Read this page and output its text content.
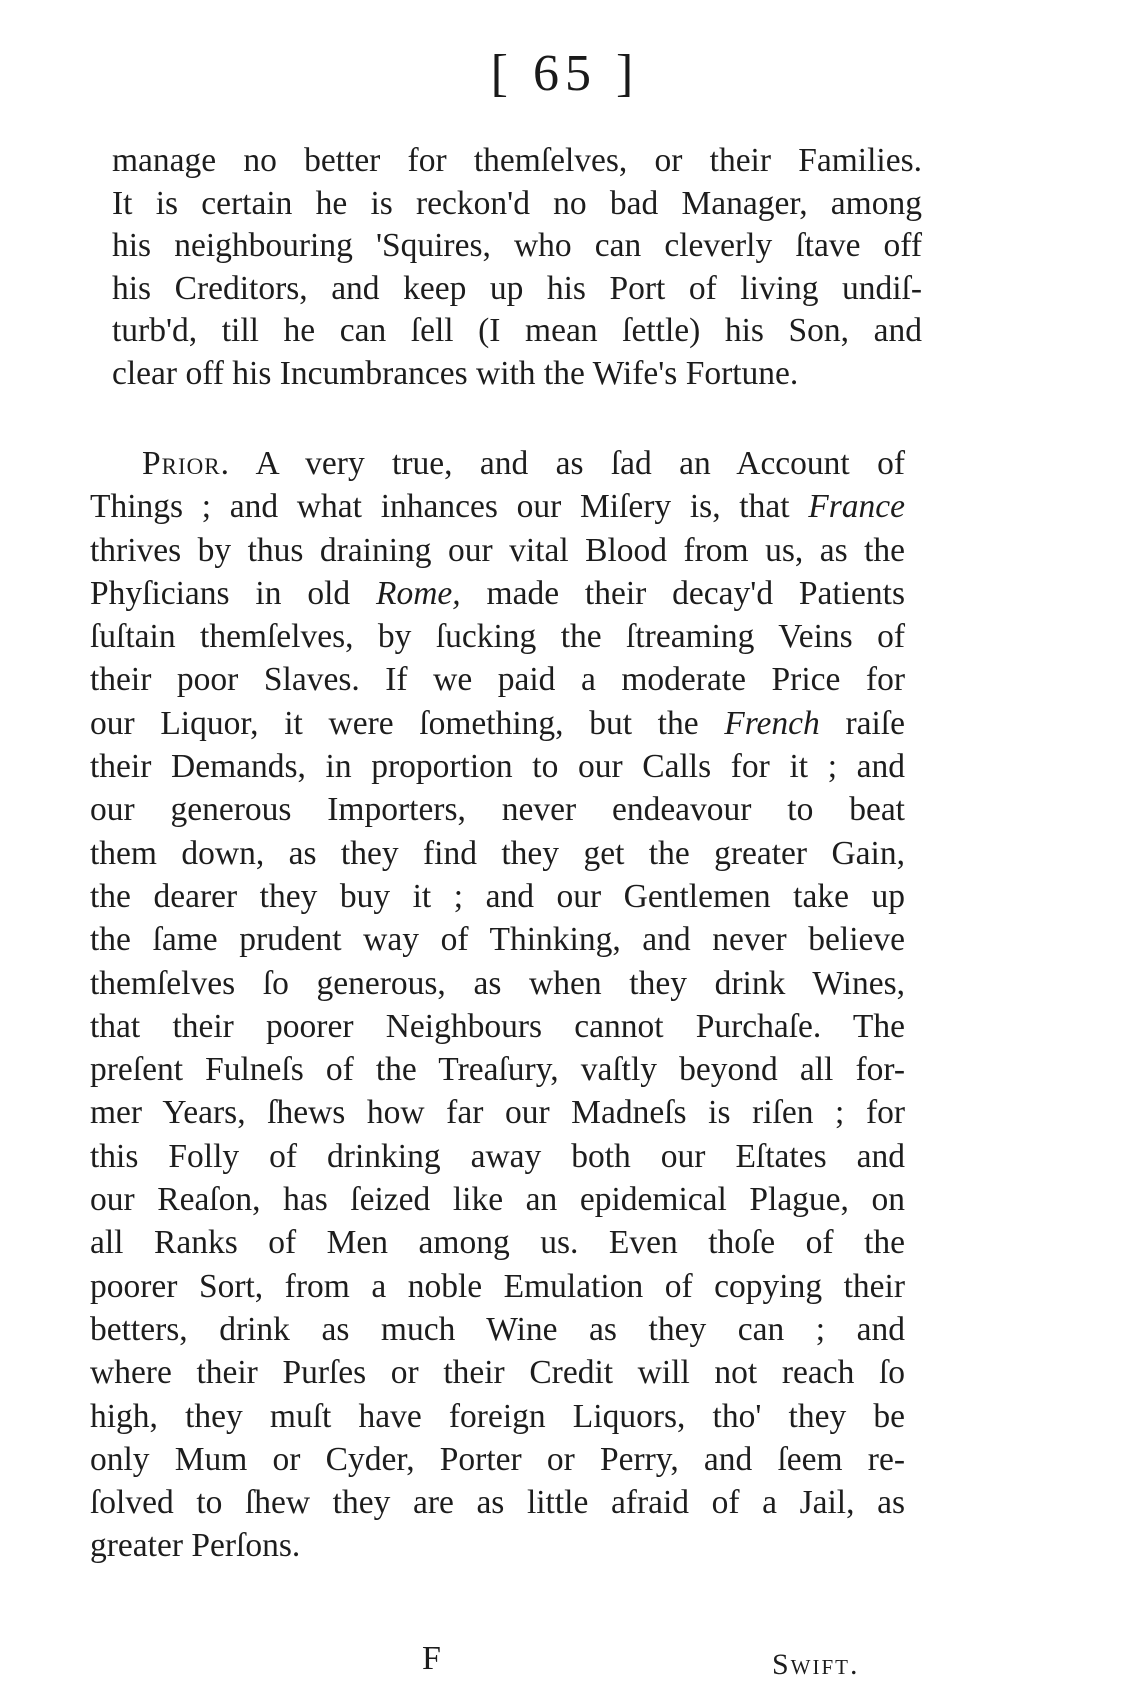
[ 65 ]
manage no better for themſelves, or their Families.
It is certain he is reckon'd no bad Manager, among
his neighbouring 'Squires, who can cleverly ſtave off
his Creditors, and keep up his Port of living undiſ-
turb'd, till he can ſell (I mean ſettle) his Son, and
clear off his Incumbrances with the Wife's Fortune.
Prior. A very true, and as ſad an Account of
Things ; and what inhances our Miſery is, that France
thrives by thus draining our vital Blood from us, as the
Phyſicians in old Rome, made their decay'd Patients
ſuſtain themſelves, by ſucking the ſtreaming Veins of
their poor Slaves. If we paid a moderate Price for
our Liquor, it were ſomething, but the French raiſe
their Demands, in proportion to our Calls for it ; and
our generous Importers, never endeavour to beat
them down, as they find they get the greater Gain,
the dearer they buy it ; and our Gentlemen take up
the ſame prudent way of Thinking, and never believe
themſelves ſo generous, as when they drink Wines,
that their poorer Neighbours cannot Purchaſe. The
preſent Fulneſs of the Treaſury, vaſtly beyond all for-
mer Years, ſhews how far our Madneſs is riſen ; for
this Folly of drinking away both our Eſtates and
our Reaſon, has ſeized like an epidemical Plague, on
all Ranks of Men among us. Even thoſe of the
poorer Sort, from a noble Emulation of copying their
betters, drink as much Wine as they can ; and
where their Purſes or their Credit will not reach ſo
high, they muſt have foreign Liquors, tho' they be
only Mum or Cyder, Porter or Perry, and ſeem re-
ſolved to ſhew they are as little afraid of a Jail, as
greater Perſons.
F	Swift.
